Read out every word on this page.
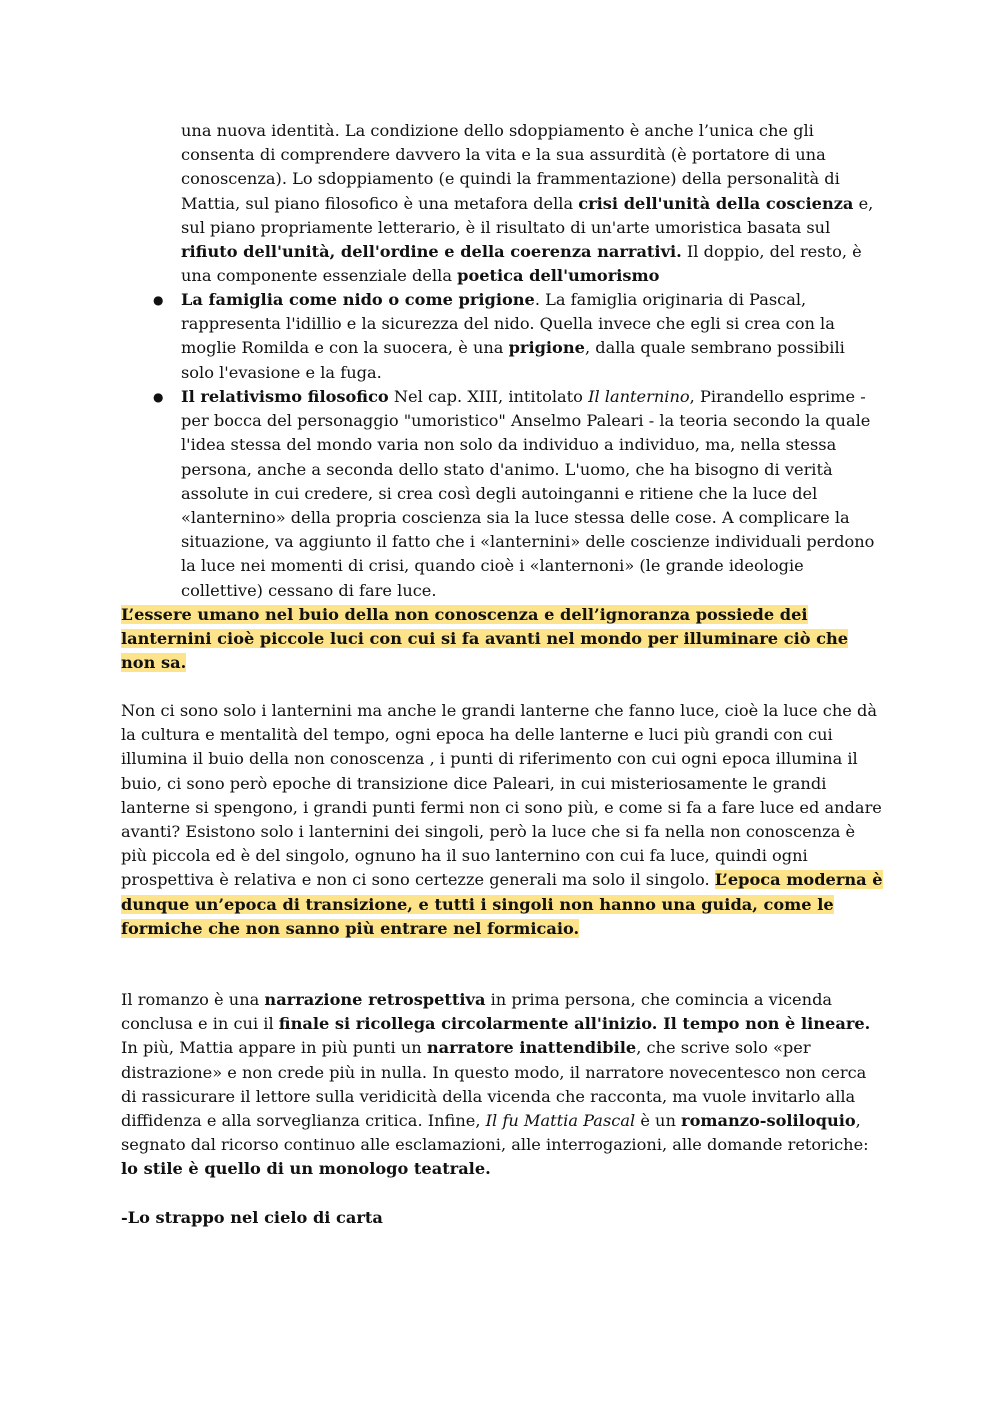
una nuova identità. La condizione dello sdoppiamento è anche l’unica che gli consenta di comprendere davvero la vita e la sua assurdità (è portatore di una conoscenza). Lo sdoppiamento (e quindi la frammentazione) della personalità di Mattia, sul piano filosofico è una metafora della crisi dell'unità della coscienza e, sul piano propriamente letterario, è il risultato di un'arte umoristica basata sul rifiuto dell'unità, dell'ordine e della coerenza narrativi. Il doppio, del resto, è una componente essenziale della poetica dell'umorismo
● La famiglia come nido o come prigione. La famiglia originaria di Pascal, rappresenta l'idillio e la sicurezza del nido. Quella invece che egli si crea con la moglie Romilda e con la suocera, è una prigione, dalla quale sembrano possibili solo l'evasione e la fuga.
● Il relativismo filosofico Nel cap. XIII, intitolato Il lanternino, Pirandello esprime - per bocca del personaggio "umoristico" Anselmo Paleari - la teoria secondo la quale l'idea stessa del mondo varia non solo da individuo a individuo, ma, nella stessa persona, anche a seconda dello stato d'animo. L'uomo, che ha bisogno di verità assolute in cui credere, si crea così degli autoinganni e ritiene che la luce del «lanternino» della propria coscienza sia la luce stessa delle cose. A complicare la situazione, va aggiunto il fatto che i «lanternini» delle coscienze individuali perdono la luce nei momenti di crisi, quando cioè i «lanternoni» (le grande ideologie collettive) cessano di fare luce.
L’essere umano nel buio della non conoscenza e dell’ignoranza possiede dei lanternini cioè piccole luci con cui si fa avanti nel mondo per illuminare ciò che non sa.
Non ci sono solo i lanternini ma anche le grandi lanterne che fanno luce, cioè la luce che dà la cultura e mentalità del tempo, ogni epoca ha delle lanterne e luci più grandi con cui illumina il buio della non conoscenza , i punti di riferimento con cui ogni epoca illumina il buio, ci sono però epoche di transizione dice Paleari, in cui misteriosamente le grandi lanterne si spengono, i grandi punti fermi non ci sono più, e come si fa a fare luce ed andare avanti? Esistono solo i lanternini dei singoli, però la luce che si fa nella non conoscenza è più piccola ed è del singolo, ognuno ha il suo lanternino con cui fa luce, quindi ogni prospettiva è relativa e non ci sono certezze generali ma solo il singolo. L’epoca moderna è dunque un’epoca di transizione, e tutti i singoli non hanno una guida, come le formiche che non sanno più entrare nel formicaio.
Il romanzo è una narrazione retrospettiva in prima persona, che comincia a vicenda conclusa e in cui il finale si ricollega circolarmente all'inizio. Il tempo non è lineare. In più, Mattia appare in più punti un narratore inattendibile, che scrive solo «per distrazione» e non crede più in nulla. In questo modo, il narratore novecentesco non cerca di rassicurare il lettore sulla veridicità della vicenda che racconta, ma vuole invitarlo alla diffidenza e alla sorveglianza critica. Infine, Il fu Mattia Pascal è un romanzo-soliloquio, segnato dal ricorso continuo alle esclamazioni, alle interrogazioni, alle domande retoriche: lo stile è quello di un monologo teatrale.
-Lo strappo nel cielo di carta
